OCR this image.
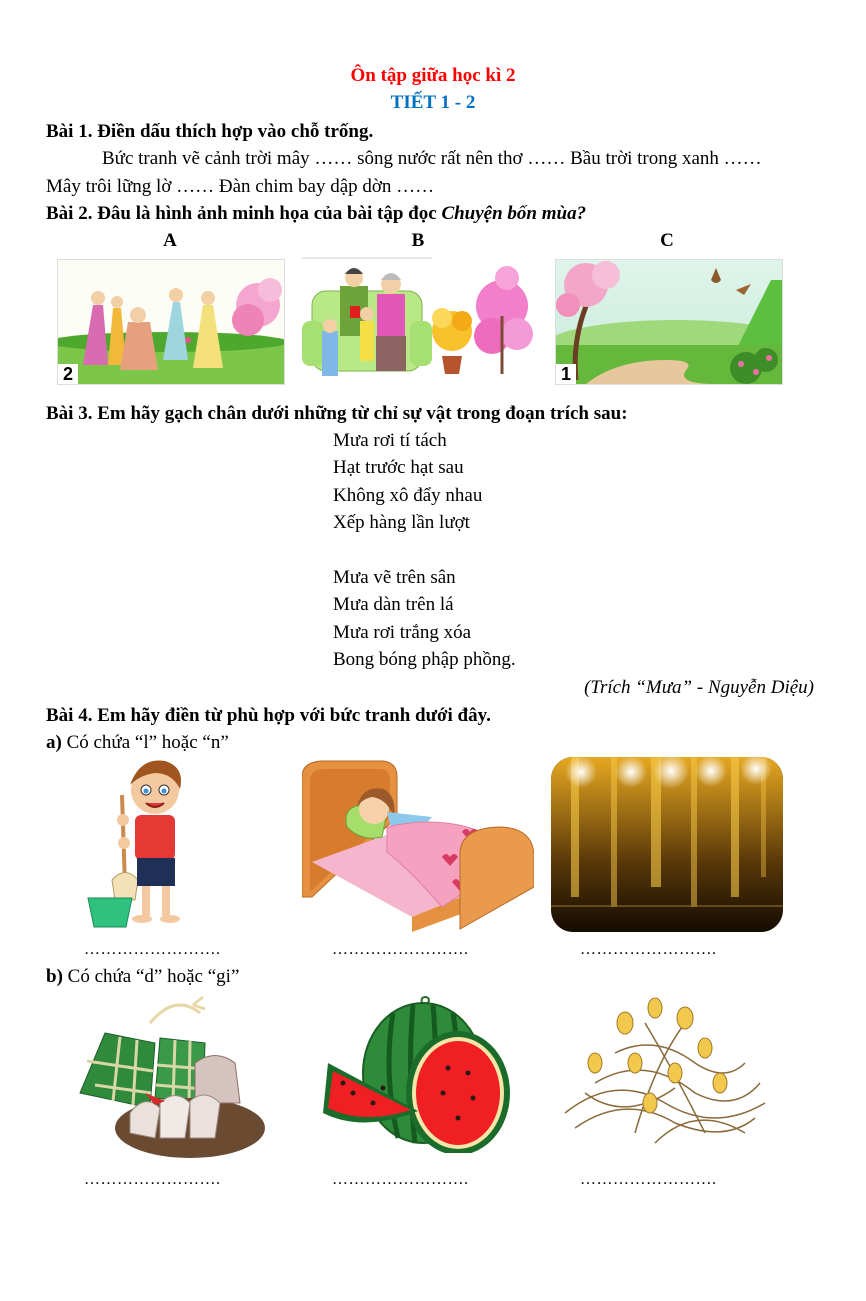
Ôn tập giữa học kì 2
TIẾT 1 - 2
Bài 1. Điền dấu thích hợp vào chỗ trống.
Bức tranh vẽ cảnh trời mây …… sông nước rất nên thơ …… Bầu trời trong xanh ……
Mây trôi lững lờ …… Đàn chim bay dập dờn ……
Bài 2. Đâu là hình ảnh minh họa của bài tập đọc Chuyện bốn mùa?
A	B	C
2	1
Bài 3. Em hãy gạch chân dưới những từ chỉ sự vật trong đoạn trích sau:
Mưa rơi tí tách
Hạt trước hạt sau
Không xô đẩy nhau
Xếp hàng lần lượt
Mưa vẽ trên sân
Mưa dàn trên lá
Mưa rơi trắng xóa
Bong bóng phập phồng.
(Trích “Mưa” - Nguyễn Diệu)
Bài 4. Em hãy điền từ phù hợp với bức tranh dưới đây.
a) Có chứa “l” hoặc “n”
…………………….	…………………….	…………………….
b) Có chứa “d” hoặc “gi”
…………………….	…………………….	…………………….
